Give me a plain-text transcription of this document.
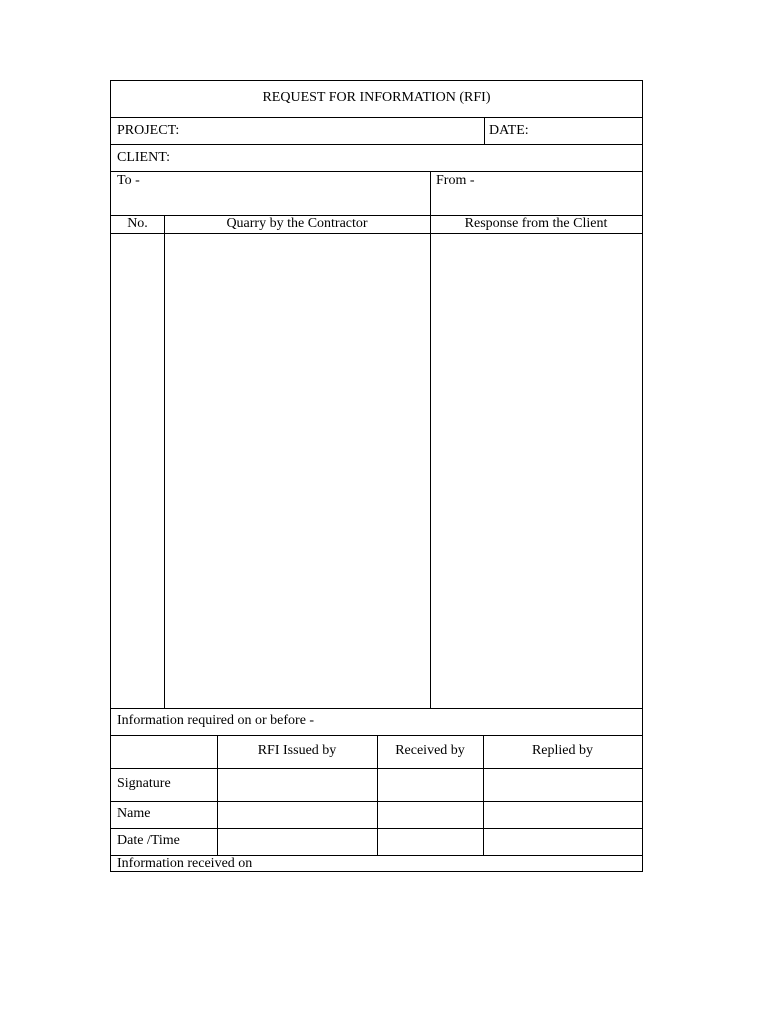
REQUEST FOR INFORMATION (RFI)
PROJECT:	DATE:
CLIENT:
To -	From -
No.	Quarry by the Contractor	Response from the Client
Information required on or before -
RFI Issued by	Received by	Replied by
Signature
Name
Date /Time
Information received on
